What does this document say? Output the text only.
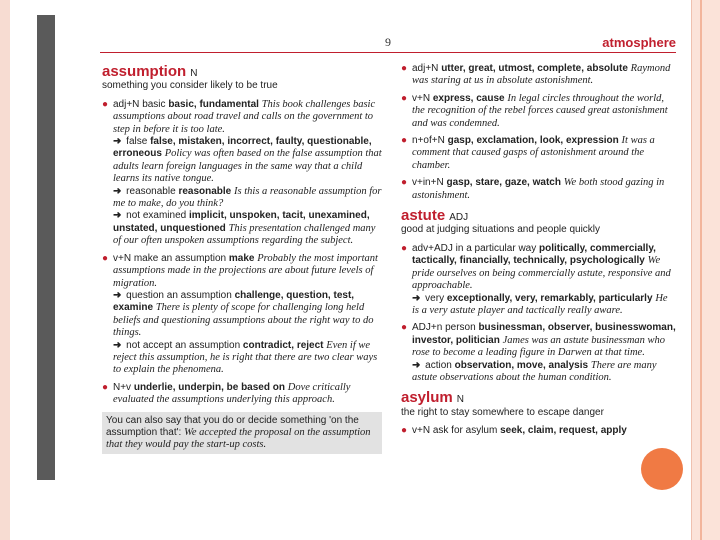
9	atmosphere
assumption N
something you consider likely to be true
● adj+N basic basic, fundamental This book challenges basic assumptions about road travel and calls on the government to step in before it is too late.
➜ false false, mistaken, incorrect, faulty, questionable, erroneous Policy was often based on the false assumption that adults learn foreign languages in the same way that a child learns its native tongue.
➜ reasonable reasonable Is this a reasonable assumption for me to make, do you think?
➜ not examined implicit, unspoken, tacit, unexamined, unstated, unquestioned This presentation challenged many of our often unspoken assumptions regarding the subject.
● v+N make an assumption make Probably the most important assumptions made in the projections are about future levels of migration.
➜ question an assumption challenge, question, test, examine There is plenty of scope for challenging long held beliefs and questioning assumptions about the right way to do things.
➜ not accept an assumption contradict, reject Even if we reject this assumption, he is right that there are two clear ways to explain the phenomena.
● N+v underlie, underpin, be based on Dove critically evaluated the assumptions underlying this approach.
You can also say that you do or decide something 'on the assumption that': We accepted the proposal on the assumption that they would pay the start-up costs.
● adj+N utter, great, utmost, complete, absolute Raymond was staring at us in absolute astonishment.
● v+N express, cause In legal circles throughout the world, the recognition of the rebel forces caused great astonishment and was condemned.
● n+of+N gasp, exclamation, look, expression It was a comment that caused gasps of astonishment around the chamber.
● v+in+N gasp, stare, gaze, watch We both stood gazing in astonishment.
astute ADJ
good at judging situations and people quickly
● adv+ADJ in a particular way politically, commercially, tactically, financially, technically, psychologically We pride ourselves on being commercially astute, responsive and approachable.
➜ very exceptionally, very, remarkably, particularly He is a very astute player and tactically really aware.
● ADJ+n person businessman, observer, businesswoman, investor, politician James was an astute businessman who rose to become a leading figure in Darwen at that time.
➜ action observation, move, analysis There are many astute observations about the human condition.
asylum N
the right to stay somewhere to escape danger
● v+N ask for asylum seek, claim, request, apply
